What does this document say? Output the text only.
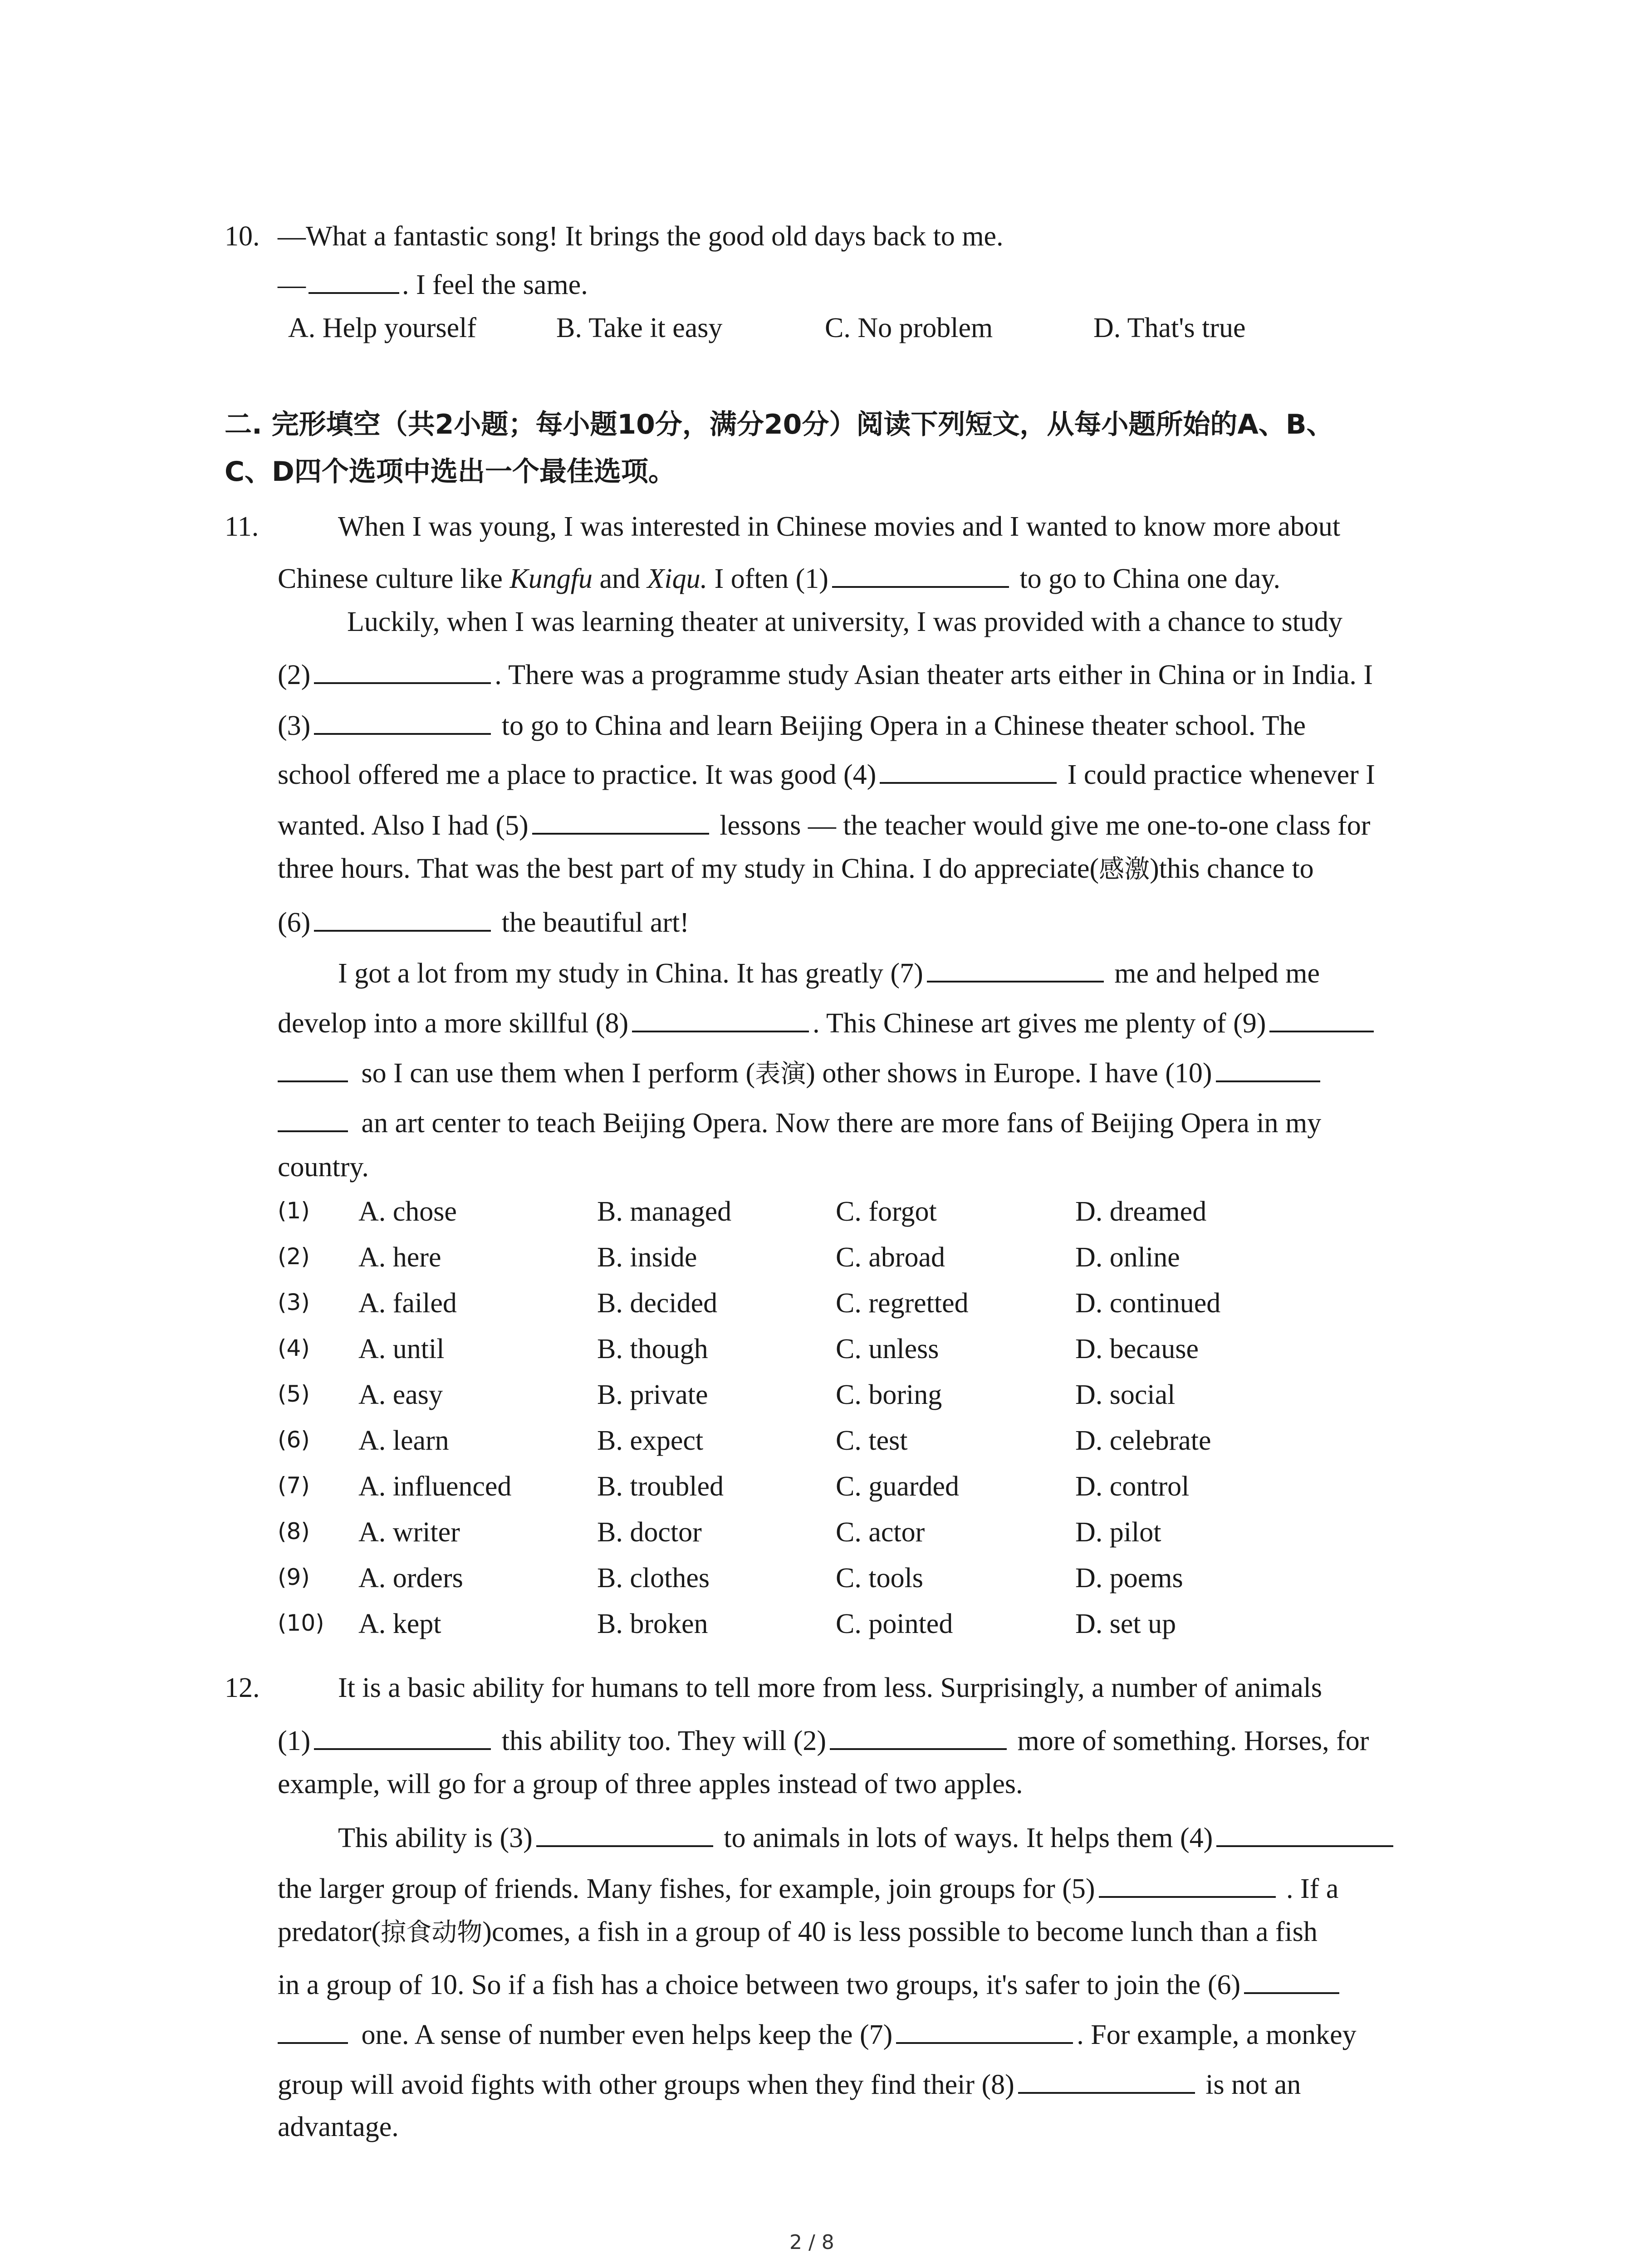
10. —What a fantastic song! It brings the good old days back to me.
—	. I feel the same.
A. Help yourself	B. Take it easy	C. No problem	D. That's true
二. 完形填空（共2小题；每小题10分，满分20分）阅读下列短文，从每小题所始的A、B、
C、D四个选项中选出一个最佳选项。
11.	When I was young, I was interested in Chinese movies and I wanted to know more about
Chinese culture like Kungfu and Xiqu. I often (1)	to go to China one day.
Luckily, when I was learning theater at university, I was provided with a chance to study
(2)	. There was a programme study Asian theater arts either in China or in India. I
(3)	to go to China and learn Beijing Opera in a Chinese theater school. The
school offered me a place to practice. It was good (4)	I could practice whenever I
wanted. Also I had (5)	lessons — the teacher would give me one-to-one class for
three hours. That was the best part of my study in China. I do appreciate(感激)this chance to
(6)	the beautiful art!
I got a lot from my study in China. It has greatly (7)	me and helped me
develop into a more skillful (8)	. This Chinese art gives me plenty of (9)
so I can use them when I perform (表演) other shows in Europe. I have (10)
an art center to teach Beijing Opera. Now there are more fans of Beijing Opera in my
country.
(1) A. chose	B. managed	C. forgot	D. dreamed
(2) A. here	B. inside	C. abroad	D. online
(3) A. failed	B. decided	C. regretted	D. continued
(4) A. until	B. though	C. unless	D. because
(5) A. easy	B. private	C. boring	D. social
(6) A. learn	B. expect	C. test	D. celebrate
(7) A. influenced	B. troubled	C. guarded	D. control
(8) A. writer	B. doctor	C. actor	D. pilot
(9) A. orders	B. clothes	C. tools	D. poems
(10) A. kept	B. broken	C. pointed	D. set up
12.	It is a basic ability for humans to tell more from less. Surprisingly, a number of animals
(1)	this ability too. They will (2)	more of something. Horses, for
example, will go for a group of three apples instead of two apples.
This ability is (3)	to animals in lots of ways. It helps them (4)
the larger group of friends. Many fishes, for example, join groups for (5)	. If a
predator(掠食动物)comes, a fish in a group of 40 is less possible to become lunch than a fish
in a group of 10. So if a fish has a choice between two groups, it's safer to join the (6)
one. A sense of number even helps keep the (7)	. For example, a monkey
group will avoid fights with other groups when they find their (8)	is not an
advantage.
2 / 8
